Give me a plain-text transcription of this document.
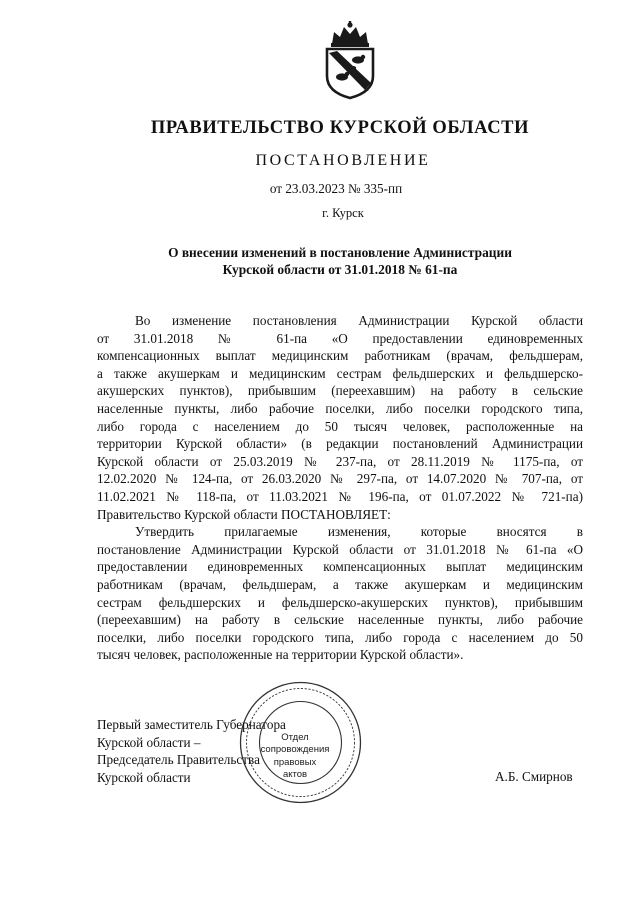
ПРАВИТЕЛЬСТВО КУРСКОЙ ОБЛАСТИ
ПОСТАНОВЛЕНИЕ
от 23.03.2023 № 335-пп
г. Курск
О внесении изменений в постановление Администрации
Курской области от 31.01.2018 № 61-па
Во изменение постановления Администрации Курской области
от 31.01.2018 № 61-па «О предоставлении единовременных
компенсационных выплат медицинским работникам (врачам, фельдшерам,
а также акушеркам и медицинским сестрам фельдшерских и фельдшерско-
акушерских пунктов), прибывшим (переехавшим) на работу в сельские
населенные пункты, либо рабочие поселки, либо поселки городского типа,
либо города с населением до 50 тысяч человек, расположенные на
территории Курской области» (в редакции постановлений Администрации
Курской области от 25.03.2019 № 237-па, от 28.11.2019 № 1175-па, от
12.02.2020 № 124-па, от 26.03.2020 № 297-па, от 14.07.2020 № 707-па, от
11.02.2021 № 118-па, от 11.03.2021 № 196-па, от 01.07.2022 № 721-па)
Правительство Курской области ПОСТАНОВЛЯЕТ:
Утвердить прилагаемые изменения, которые вносятся в
постановление Администрации Курской области от 31.01.2018 № 61-па «О
предоставлении единовременных компенсационных выплат медицинским
работникам (врачам, фельдшерам, а также акушеркам и медицинским
сестрам фельдшерских и фельдшерско-акушерских пунктов), прибывшим
(переехавшим) на работу в сельские населенные пункты, либо рабочие
поселки, либо поселки городского типа, либо города с населением до 50
тысяч человек, расположенные на территории Курской области».
Отдел
сопровождения
правовых
актов
Первый заместитель Губернатора
Курской области –
Председатель Правительства
Курской области	А.Б. Смирнов
